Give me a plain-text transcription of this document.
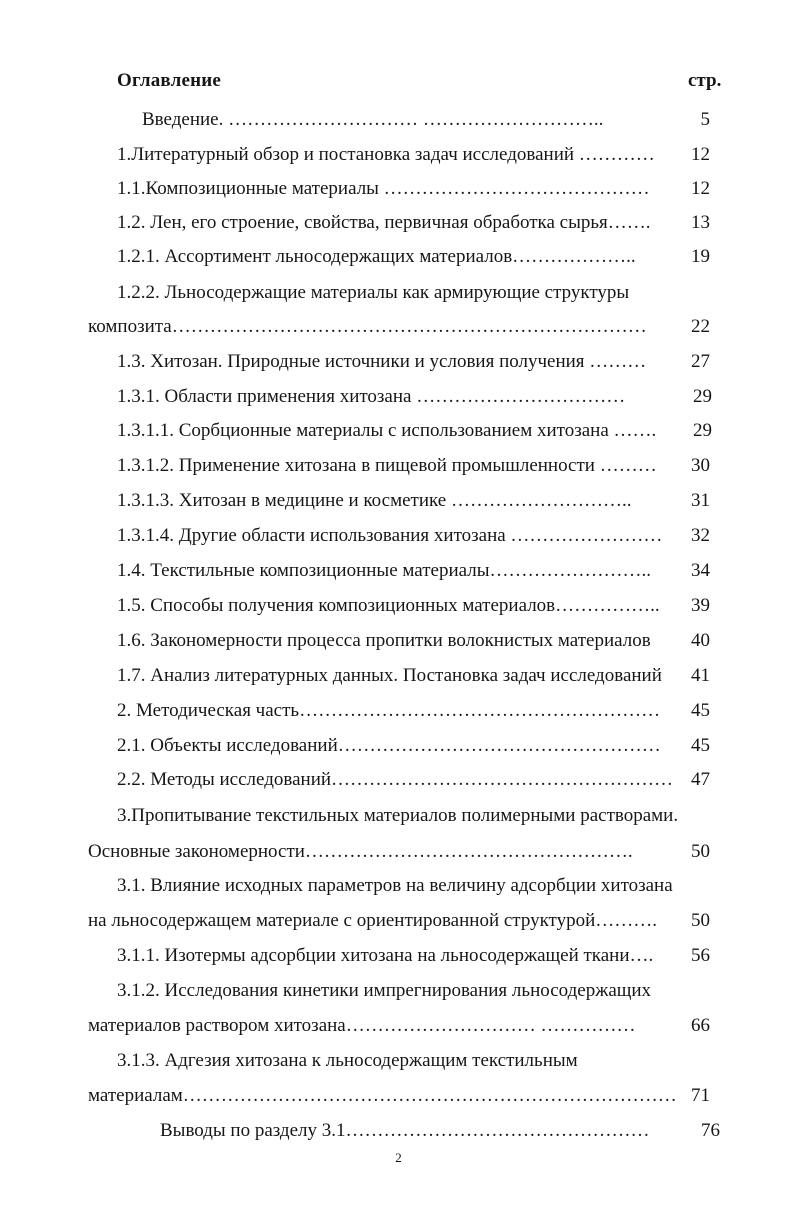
Оглавление	стр.
Введение. ………………………… ………………………..	5
1.Литературный обзор и постановка задач исследований …………	12
1.1.Композиционные материалы ……………………………………	12
1.2. Лен, его строение, свойства, первичная обработка сырья…….	13
1.2.1. Ассортимент льносодержащих материалов………………..	19
1.2.2. Льносодержащие материалы как армирующие структуры
композита…………………………………………………………………	22
1.3. Хитозан. Природные источники и условия получения ………	27
1.3.1. Области применения хитозана ……………………………	29
1.3.1.1. Сорбционные материалы с использованием хитозана …….	29
1.3.1.2. Применение хитозана в пищевой промышленности ………	30
1.3.1.3. Хитозан в медицине и косметике ………………………..	31
1.3.1.4. Другие области использования хитозана ……………………	32
1.4. Текстильные композиционные материалы……………………..	34
1.5. Способы получения композиционных материалов……………..	39
1.6. Закономерности процесса пропитки волокнистых материалов	40
1.7. Анализ литературных данных. Постановка задач исследований	41
2. Методическая часть…………………………………………………	45
2.1. Объекты исследований……………………………………………	45
2.2. Методы исследований……………………………………………… 47
3.Пропитывание текстильных материалов полимерными растворами.
Основные закономерности…………………………………………….	50
3.1. Влияние исходных параметров на величину адсорбции хитозана
на льносодержащем материале с ориентированной структурой……….	50
3.1.1. Изотермы адсорбции хитозана на льносодержащей ткани….	56
3.1.2. Исследования кинетики импрегнирования льносодержащих
материалов раствором хитозана………………………… ……………	66
3.1.3. Адгезия хитозана к льносодержащим текстильным
материалам…………………………………………………………………… 71
Выводы по разделу 3.1…………………………………………	76
2
